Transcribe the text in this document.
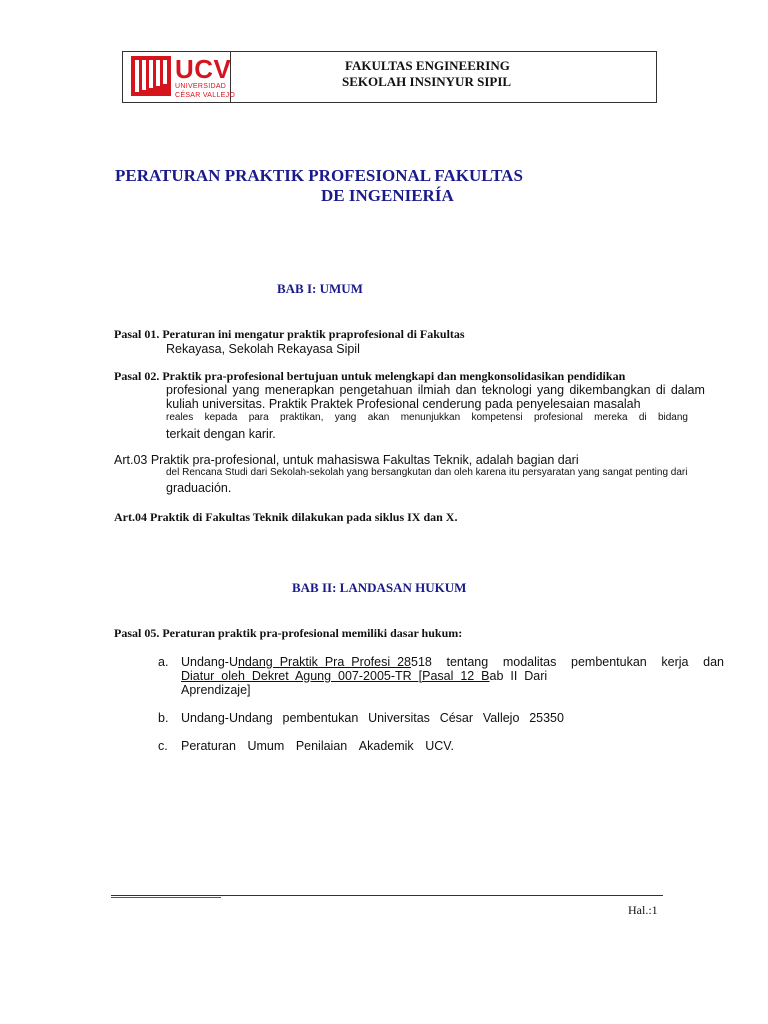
UCV
UNIVERSIDAD
CÉSAR VALLEJO
FAKULTAS ENGINEERING
SEKOLAH INSINYUR SIPIL
PERATURAN PRAKTIK PROFESIONAL FAKULTAS
DE INGENIERÍA
BAB I: UMUM
Pasal 01. Peraturan ini mengatur praktik praprofesional di Fakultas
Rekayasa, Sekolah Rekayasa Sipil
Pasal 02. Praktik pra-profesional bertujuan untuk melengkapi dan mengkonsolidasikan pendidikan
profesional yang menerapkan pengetahuan ilmiah dan teknologi yang dikembangkan di dalam
kuliah universitas. Praktik Praktek Profesional cenderung pada penyelesaian masalah
reales kepada para praktikan, yang akan menunjukkan kompetensi profesional mereka di bidang
terkait dengan karir.
Art.03 Praktik pra-profesional, untuk mahasiswa Fakultas Teknik, adalah bagian dari
del Rencana Studi dari Sekolah-sekolah yang bersangkutan dan oleh karena itu persyaratan yang sangat penting dari
graduación.
Art.04 Praktik di Fakultas Teknik dilakukan pada siklus IX dan X.
BAB II: LANDASAN HUKUM
Pasal 05. Peraturan praktik pra-profesional memiliki dasar hukum:
a. Undang-Undang  Praktik  Pra  Profesi  28518 tentang modalitas pembentukan kerja dan
Diatur  oleh  Dekret  Agung  007-2005-TR  [Pasal  12  Bab  II  Dari
Aprendizaje]
b. Undang-Undang pembentukan Universitas César Vallejo 25350
c. Peraturan Umum Penilaian Akademik UCV.
Hal.:1
